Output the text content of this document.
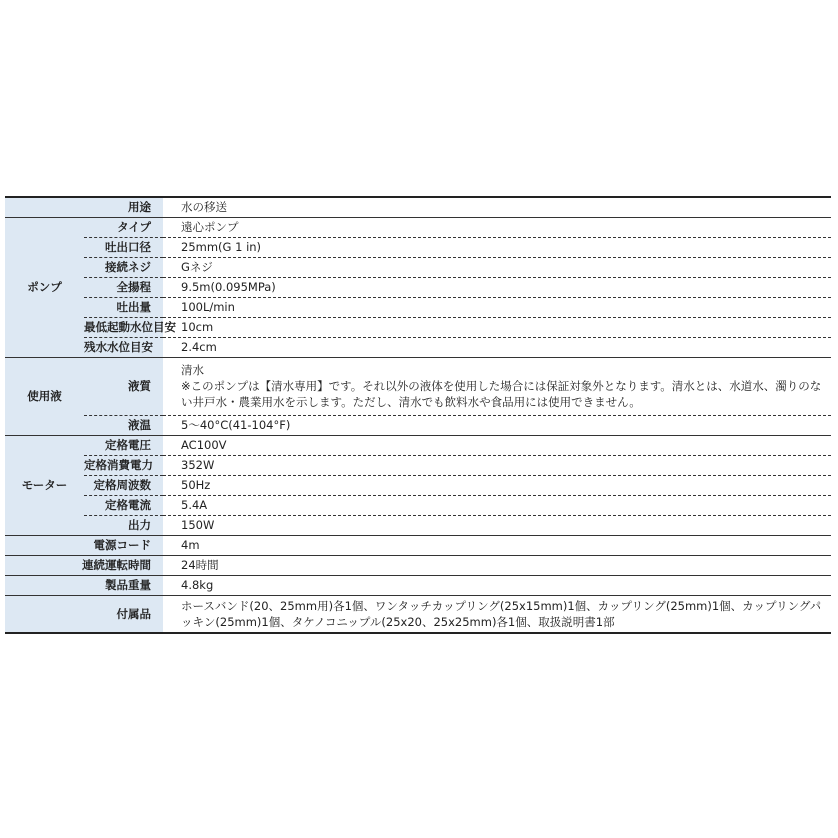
用途		水の移送
ポンプ	タイプ	遠心ポンプ
	吐出口径	25mm(G 1 in)
	接続ネジ	Gネジ
	全揚程	9.5m(0.095MPa)
	吐出量	100L/min
	最低起動水位目安	10cm
	残水水位目安	2.4cm
使用液	液質	清水
※このポンプは【清水専用】です。それ以外の液体を使用した場合には保証対象外となります。清水とは、水道水、濁りのない井戸水・農業用水を示します。ただし、清水でも飲料水や食品用には使用できません。

	液温	5～40°C(41-104°F)
モーター	定格電圧	AC100V
	定格消費電力	352W
	定格周波数	50Hz
	定格電流	5.4A
	出力	150W
電源コード		4m
連続運転時間		24時間
製品重量		4.8kg
付属品		ホースバンド(20、25mm用)各1個、ワンタッチカップリング(25x15mm)1個、カップリング(25mm)1個、カップリングパッキン(25mm)1個、タケノコニップル(25x20、25x25mm)各1個、取扱説明書1部
